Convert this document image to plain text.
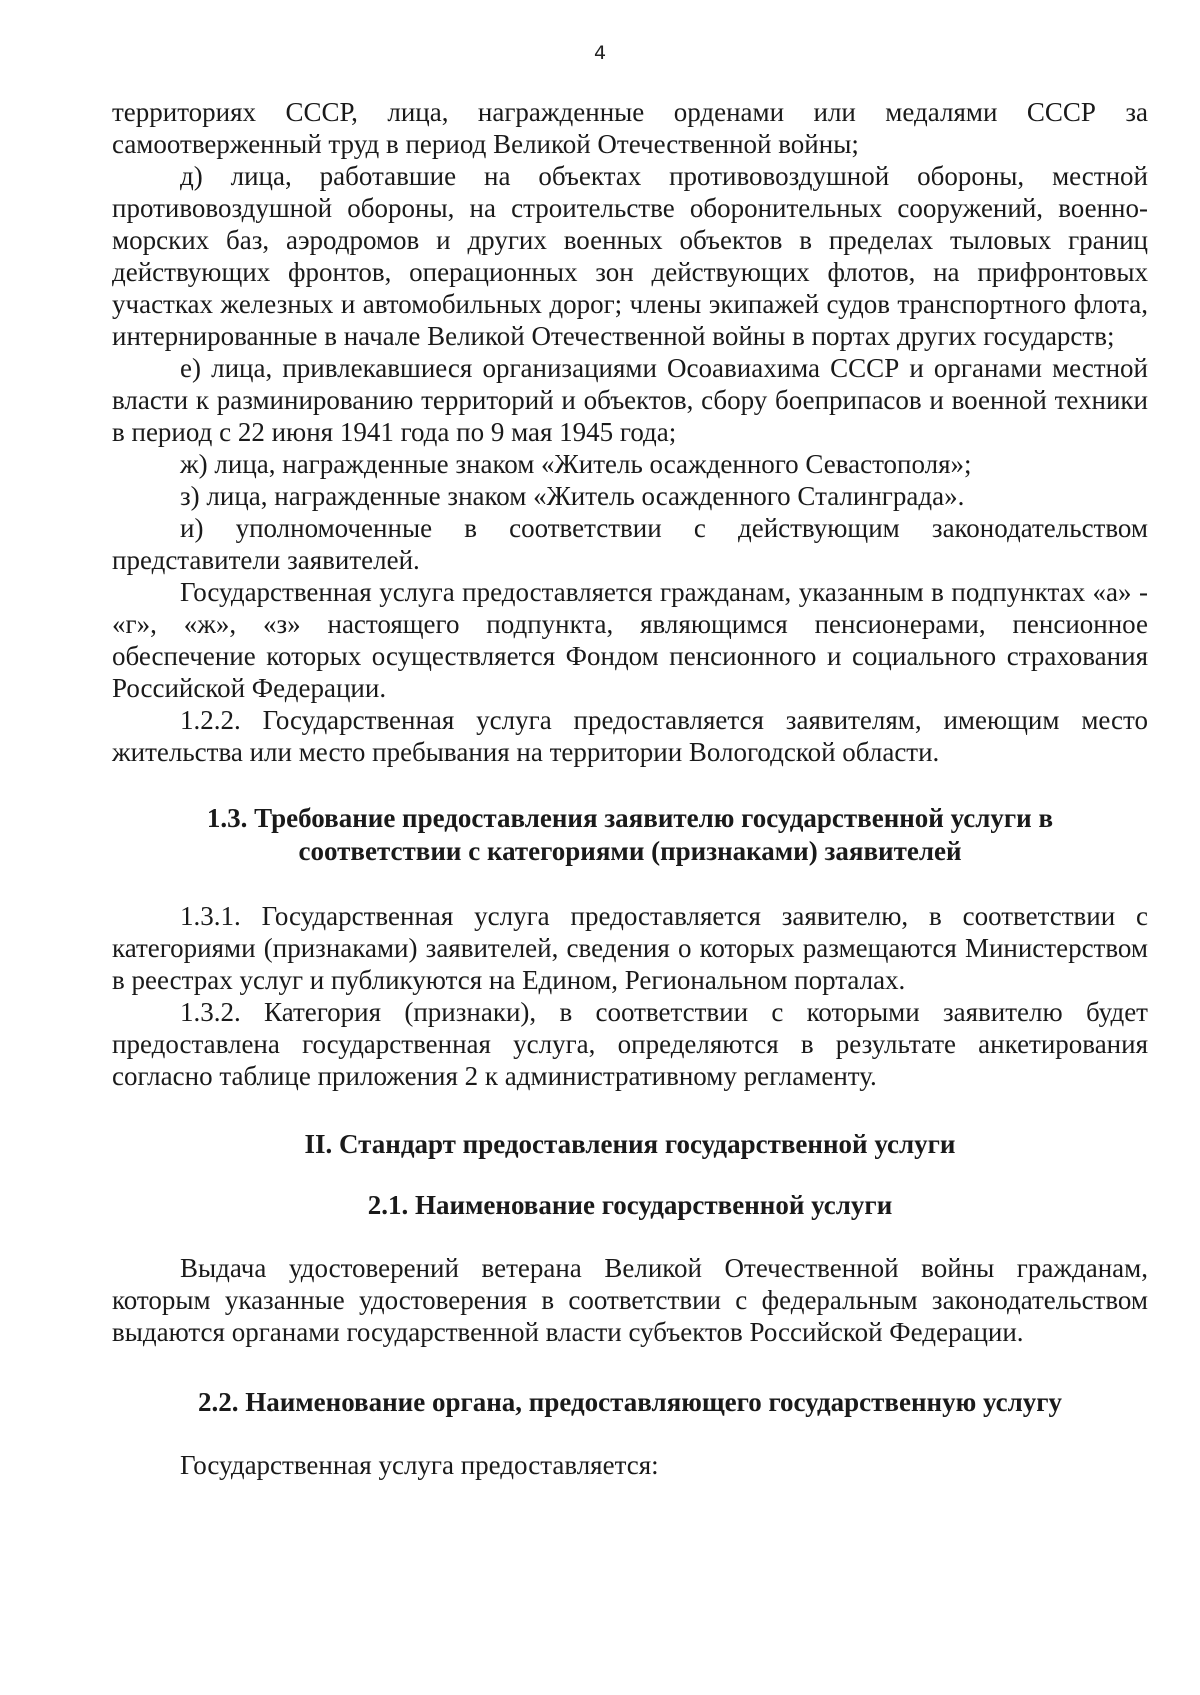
4

территориях СССР, лица, награжденные орденами или медалями СССР за самоотверженный труд в период Великой Отечественной войны;

д) лица, работавшие на объектах противовоздушной обороны, местной противовоздушной обороны, на строительстве оборонительных сооружений, военно-морских баз, аэродромов и других военных объектов в пределах тыловых границ действующих фронтов, операционных зон действующих флотов, на прифронтовых участках железных и автомобильных дорог; члены экипажей судов транспортного флота, интернированные в начале Великой Отечественной войны в портах других государств;

е) лица, привлекавшиеся организациями Осоавиахима СССР и органами местной власти к разминированию территорий и объектов, сбору боеприпасов и военной техники в период с 22 июня 1941 года по 9 мая 1945 года;

ж) лица, награжденные знаком «Житель осажденного Севастополя»;

з) лица, награжденные знаком «Житель осажденного Сталинграда».

и) уполномоченные в соответствии с действующим законодательством представители заявителей.

Государственная услуга предоставляется гражданам, указанным в подпунктах «а» - «г», «ж», «з» настоящего подпункта, являющимся пенсионерами, пенсионное обеспечение которых осуществляется Фондом пенсионного и социального страхования Российской Федерации.

1.2.2. Государственная услуга предоставляется заявителям, имеющим место жительства или место пребывания на территории Вологодской области.

1.3. Требование предоставления заявителю государственной услуги в

соответствии с категориями (признаками) заявителей

1.3.1. Государственная услуга предоставляется заявителю, в соответствии с категориями (признаками) заявителей, сведения о которых размещаются Министерством в реестрах услуг и публикуются на Едином, Региональном порталах.

1.3.2. Категория (признаки), в соответствии с которыми заявителю будет предоставлена государственная услуга, определяются в результате анкетирования согласно таблице приложения 2 к административному регламенту.

II. Стандарт предоставления государственной услуги

2.1. Наименование государственной услуги

Выдача удостоверений ветерана Великой Отечественной войны гражданам, которым указанные удостоверения в соответствии с федеральным законодательством выдаются органами государственной власти субъектов Российской Федерации.

2.2. Наименование органа, предоставляющего государственную услугу

Государственная услуга предоставляется:
